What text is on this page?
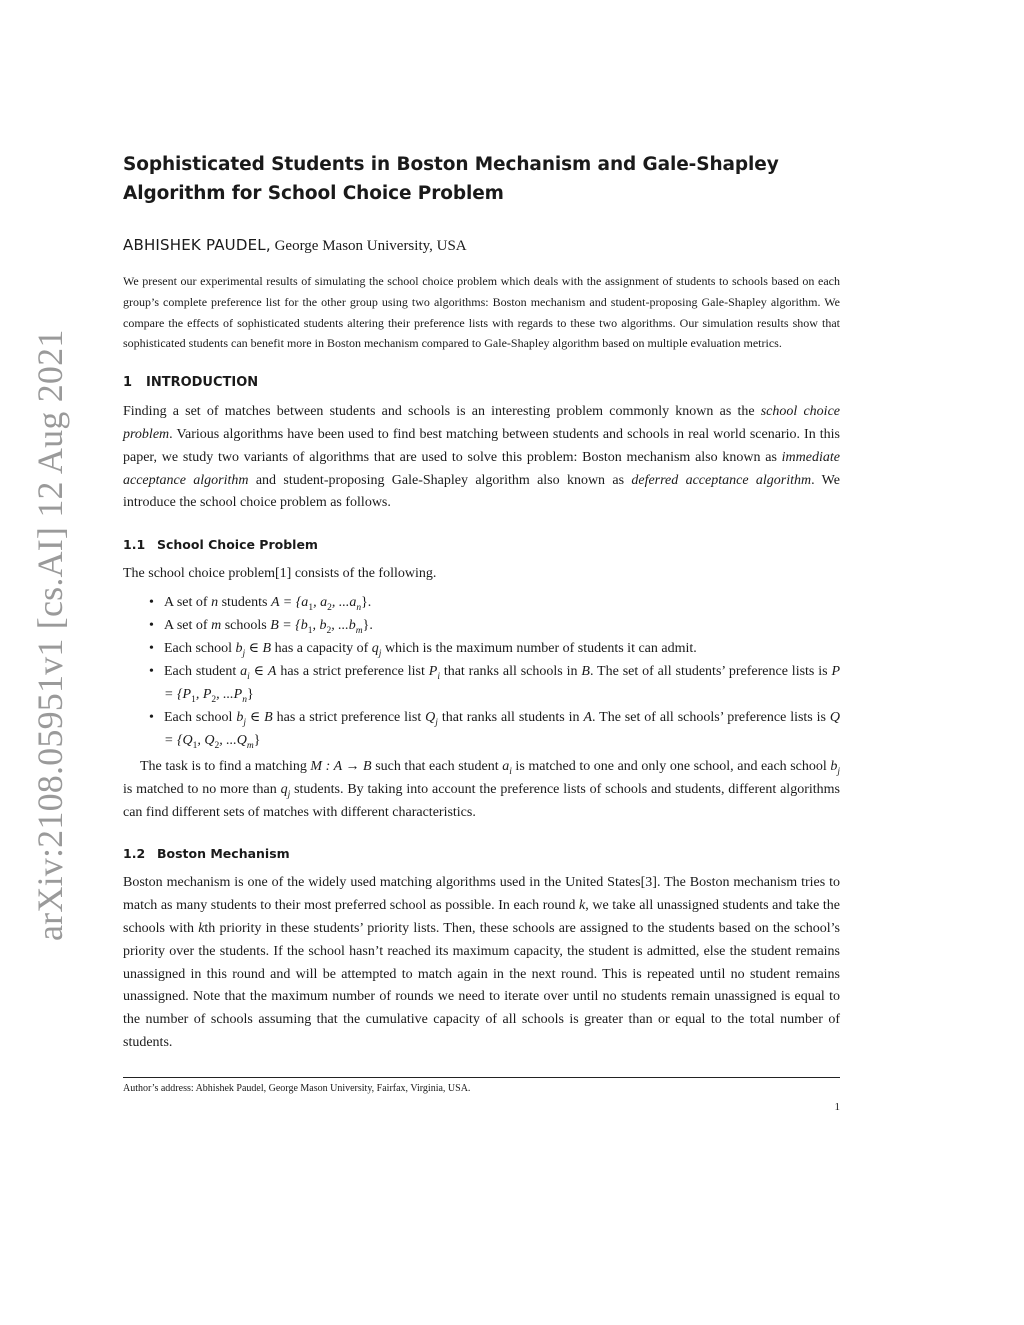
arXiv:2108.05951v1 [cs.AI] 12 Aug 2021
Sophisticated Students in Boston Mechanism and Gale-Shapley Algorithm for School Choice Problem
ABHISHEK PAUDEL, George Mason University, USA
We present our experimental results of simulating the school choice problem which deals with the assignment of students to schools based on each group’s complete preference list for the other group using two algorithms: Boston mechanism and student-proposing Gale-Shapley algorithm. We compare the effects of sophisticated students altering their preference lists with regards to these two algorithms. Our simulation results show that sophisticated students can benefit more in Boston mechanism compared to Gale-Shapley algorithm based on multiple evaluation metrics.
1 INTRODUCTION

Finding a set of matches between students and schools is an interesting problem commonly known as the school choice problem. Various algorithms have been used to find best matching between students and schools in real world scenario. In this paper, we study two variants of algorithms that are used to solve this problem: Boston mechanism also known as immediate acceptance algorithm and student-proposing Gale-Shapley algorithm also known as deferred acceptance algorithm. We introduce the school choice problem as follows.

1.1 School Choice Problem

The school choice problem[1] consists of the following.

• A set of n students $A = \{a_1$, $a_2$, $...a_n$}.
• A set of m schools $B = \{b_1$, $b_2$, $...b_m$}.
• Each school $b_j$ ∈ B has a capacity of $q_j$ which is the maximum number of students it can admit.
• Each student $a_i$ ∈ A has a strict preference list $P_i$ that ranks all schools in B. The set of all students’ preference lists is $P = \{P_1$, $P_2$, $...P_n$}
• Each school $b_j$ ∈ B has a strict preference list $Q_j$ that ranks all students in A. The set of all schools’ preference lists is $Q = \{Q_1$, $Q_2$, $...Q_m$}

The task is to find a matching M : A → B such that each student $a_i$ is matched to one and only one school, and each school $b_j$ is matched to no more than $q_j$ students. By taking into account the preference lists of schools and students, different algorithms can find different sets of matches with different characteristics.

1.2 Boston Mechanism

Boston mechanism is one of the widely used matching algorithms used in the United States[3]. The Boston mechanism tries to match as many students to their most preferred school as possible. In each round k, we take all unassigned students and take the schools with kth priority in these students’ priority lists. Then, these schools are assigned to the students based on the school’s priority over the students. If the school hasn’t reached its maximum capacity, the student is admitted, else the student remains unassigned in this round and will be attempted to match again in the next round. This is repeated until no student remains unassigned. Note that the maximum number of rounds we need to iterate over until no students remain unassigned is equal to the number of schools assuming that the cumulative capacity of all schools is greater than or equal to the total number of students.

Author’s address: Abhishek Paudel, George Mason University, Fairfax, Virginia, USA.
1
